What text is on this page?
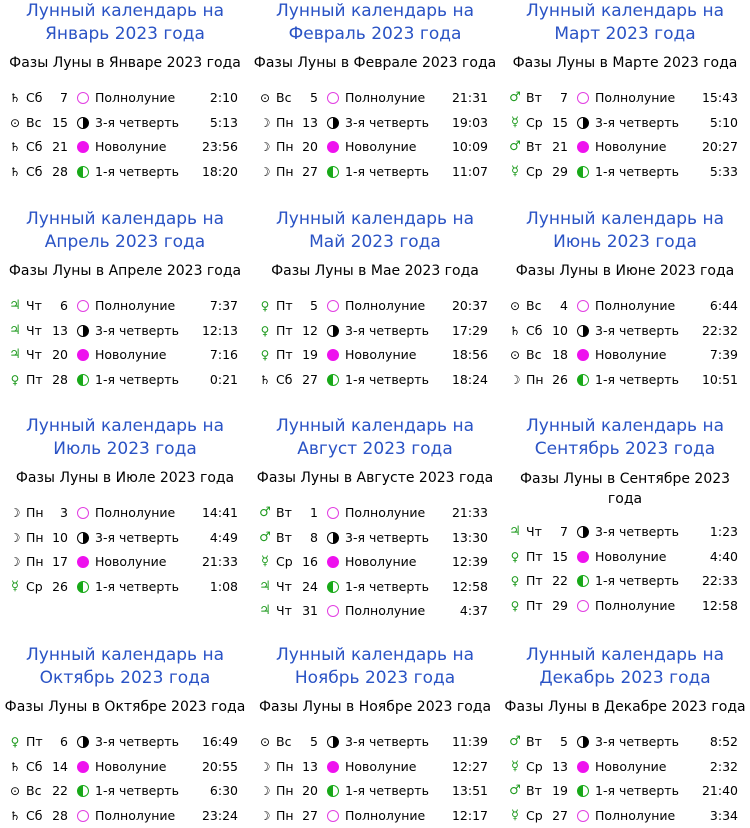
Лунный календарь на
Январь 2023 года
Фазы Луны в Январе 2023 года
♄ Сб	7 Полнолуние	2:10
⊙ Вс 15 3-я четверть 5:13
♄ Сб 21 Новолуние	23:56
♄ Сб 28 1-я четверть 18:20
Лунный календарь на
Февраль 2023 года
Фазы Луны в Феврале 2023 года
⊙ Вс	5 Полнолуние 21:31
☽ Пн 13 3-я четверть 19:03
☽ Пн 20 Новолуние	10:09
☽ Пн 27 1-я четверть 11:07
Лунный календарь на
Март 2023 года
Фазы Луны в Марте 2023 года
♂ Вт	7 Полнолуние 15:43
☿ Ср 15 3-я четверть 5:10
♂ Вт 21 Новолуние	20:27
☿ Ср 29 1-я четверть 5:33
Лунный календарь на
Апрель 2023 года
Фазы Луны в Апреле 2023 года
♃ Чт	6 Полнолуние	7:37
♃ Чт 13 3-я четверть 12:13
♃ Чт 20 Новолуние	7:16
♀ Пт 28 1-я четверть 0:21
Лунный календарь на
Май 2023 года
Фазы Луны в Мае 2023 года
♀ Пт	5 Полнолуние 20:37
♀ Пт 12 3-я четверть 17:29
♀ Пт 19 Новолуние	18:56
♄ Сб 27 1-я четверть 18:24
Лунный календарь на
Июнь 2023 года
Фазы Луны в Июне 2023 года
⊙ Вс	4 Полнолуние	6:44
♄ Сб 10 3-я четверть 22:32
⊙ Вс 18 Новолуние	7:39
☽ Пн 26 1-я четверть 10:51
Лунный календарь на
Июль 2023 года
Фазы Луны в Июле 2023 года
☽ Пн	3 Полнолуние 14:41
☽ Пн 10 3-я четверть 4:49
☽ Пн 17 Новолуние	21:33
☿ Ср 26 1-я четверть 1:08
Лунный календарь на
Август 2023 года
Фазы Луны в Августе 2023 года
♂ Вт	1 Полнолуние 21:33
♂ Вт	8 3-я четверть 13:30
☿ Ср 16 Новолуние	12:39
♃ Чт 24 1-я четверть 12:58
♃ Чт 31 Полнолуние	4:37
Лунный календарь на
Сентябрь 2023 года
Фазы Луны в Сентябре 2023 года
♃ Чт	7 3-я четверть 1:23
♀ Пт 15 Новолуние	4:40
♀ Пт 22 1-я четверть 22:33
♀ Пт 29 Полнолуние 12:58
Лунный календарь на
Октябрь 2023 года
Фазы Луны в Октябре 2023 года
♀ Пт	6 3-я четверть 16:49
♄ Сб 14 Новолуние	20:55
⊙ Вс 22 1-я четверть 6:30
♄ Сб 28 Полнолуние 23:24
Лунный календарь на
Ноябрь 2023 года
Фазы Луны в Ноябре 2023 года
⊙ Вс	5 3-я четверть 11:39
☽ Пн 13 Новолуние	12:27
☽ Пн 20 1-я четверть 13:51
☽ Пн 27 Полнолуние 12:17
Лунный календарь на
Декабрь 2023 года
Фазы Луны в Декабре 2023 года
♂ Вт	5 3-я четверть 8:52
☿ Ср 13 Новолуние	2:32
♂ Вт 19 1-я четверть 21:40
☿ Ср 27 Полнолуние	3:34
